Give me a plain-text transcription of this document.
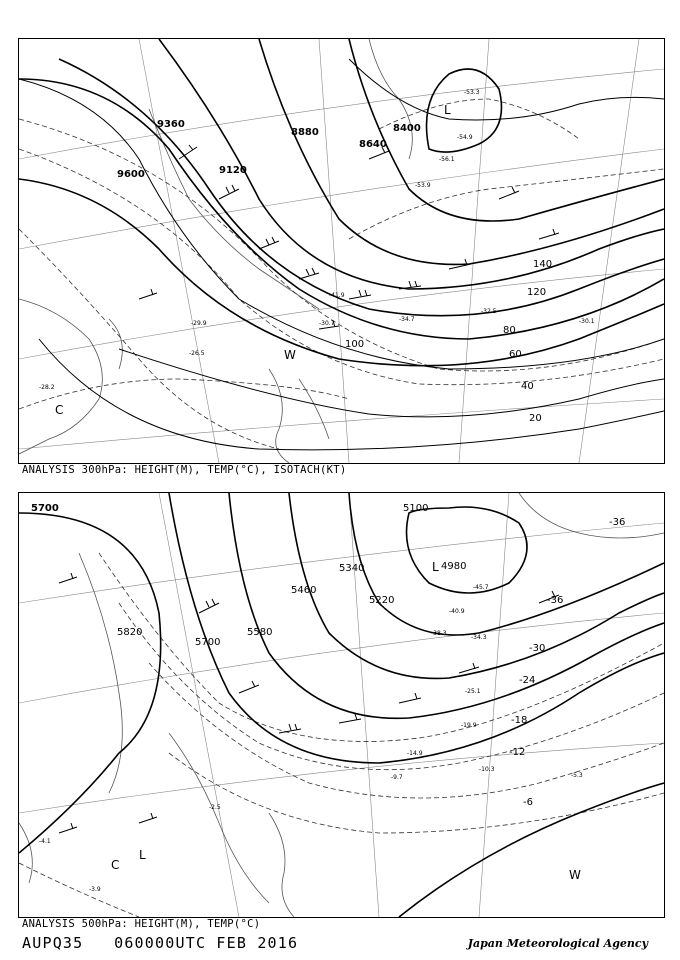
9600
9360
9120
8880
8640
8400
20
40
60
80
100
120
140
-54.9
-56.1
-53.9
-41.9
-32.5
-30.1
-29.9
-28.2
-26.5
-34.7
-30.7
-53.3
L
C
W
ANALYSIS 300hPa: HEIGHT(M), TEMP(°C), ISOTACH(KT)
5700
5820
5700
5580
5460
5340
5220
5100
4980
-36
-36
-30
-24
-18
-12
-6
-45.7
-40.9
-38.3
-34.3
-25.1
-19.9
-14.9
-9.7
-10.3
-5.3
-2.5
-3.9
-4.1
L
L
C
W
ANALYSIS 500hPa: HEIGHT(M), TEMP(°C)
AUPQ35 060000UTC FEB 2016	Japan Meteorological Agency
